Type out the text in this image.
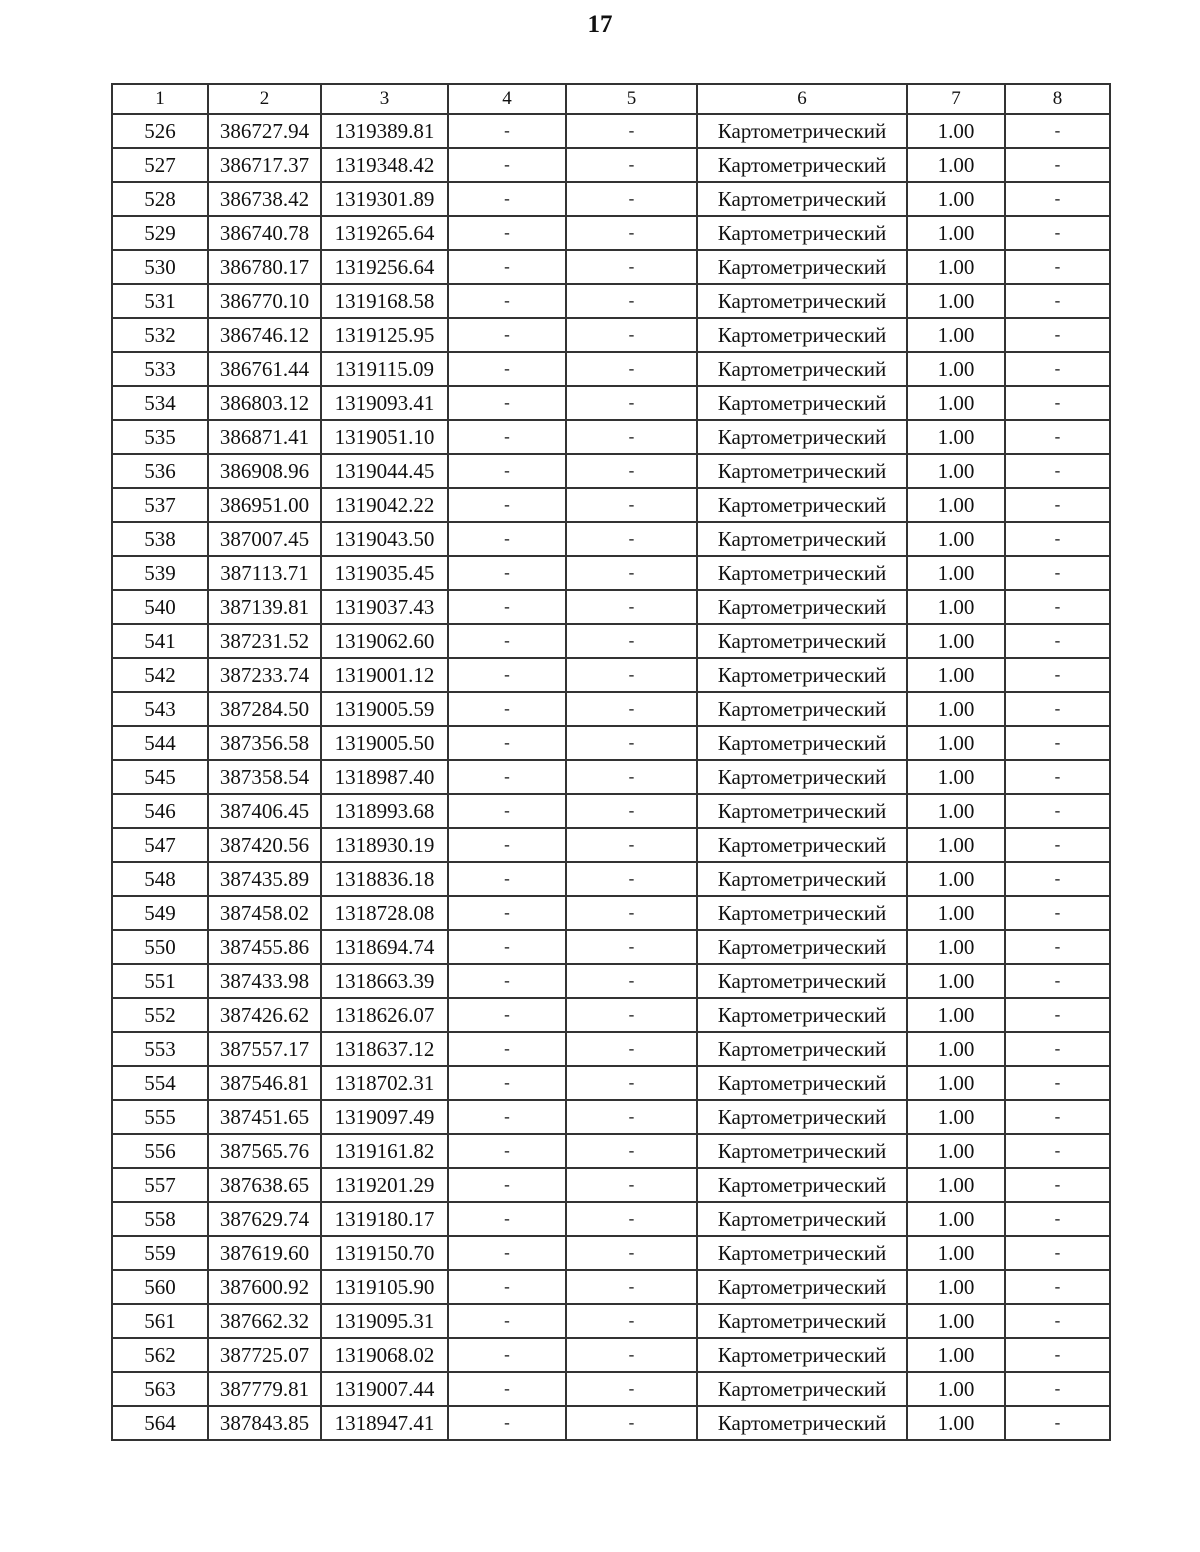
17
1	2	3	4	5	6	7	8
526	386727.94	1319389.81	-	-	Картометрический	1.00	-
527	386717.37	1319348.42	-	-	Картометрический	1.00	-
528	386738.42	1319301.89	-	-	Картометрический	1.00	-
529	386740.78	1319265.64	-	-	Картометрический	1.00	-
530	386780.17	1319256.64	-	-	Картометрический	1.00	-
531	386770.10	1319168.58	-	-	Картометрический	1.00	-
532	386746.12	1319125.95	-	-	Картометрический	1.00	-
533	386761.44	1319115.09	-	-	Картометрический	1.00	-
534	386803.12	1319093.41	-	-	Картометрический	1.00	-
535	386871.41	1319051.10	-	-	Картометрический	1.00	-
536	386908.96	1319044.45	-	-	Картометрический	1.00	-
537	386951.00	1319042.22	-	-	Картометрический	1.00	-
538	387007.45	1319043.50	-	-	Картометрический	1.00	-
539	387113.71	1319035.45	-	-	Картометрический	1.00	-
540	387139.81	1319037.43	-	-	Картометрический	1.00	-
541	387231.52	1319062.60	-	-	Картометрический	1.00	-
542	387233.74	1319001.12	-	-	Картометрический	1.00	-
543	387284.50	1319005.59	-	-	Картометрический	1.00	-
544	387356.58	1319005.50	-	-	Картометрический	1.00	-
545	387358.54	1318987.40	-	-	Картометрический	1.00	-
546	387406.45	1318993.68	-	-	Картометрический	1.00	-
547	387420.56	1318930.19	-	-	Картометрический	1.00	-
548	387435.89	1318836.18	-	-	Картометрический	1.00	-
549	387458.02	1318728.08	-	-	Картометрический	1.00	-
550	387455.86	1318694.74	-	-	Картометрический	1.00	-
551	387433.98	1318663.39	-	-	Картометрический	1.00	-
552	387426.62	1318626.07	-	-	Картометрический	1.00	-
553	387557.17	1318637.12	-	-	Картометрический	1.00	-
554	387546.81	1318702.31	-	-	Картометрический	1.00	-
555	387451.65	1319097.49	-	-	Картометрический	1.00	-
556	387565.76	1319161.82	-	-	Картометрический	1.00	-
557	387638.65	1319201.29	-	-	Картометрический	1.00	-
558	387629.74	1319180.17	-	-	Картометрический	1.00	-
559	387619.60	1319150.70	-	-	Картометрический	1.00	-
560	387600.92	1319105.90	-	-	Картометрический	1.00	-
561	387662.32	1319095.31	-	-	Картометрический	1.00	-
562	387725.07	1319068.02	-	-	Картометрический	1.00	-
563	387779.81	1319007.44	-	-	Картометрический	1.00	-
564	387843.85	1318947.41	-	-	Картометрический	1.00	-
